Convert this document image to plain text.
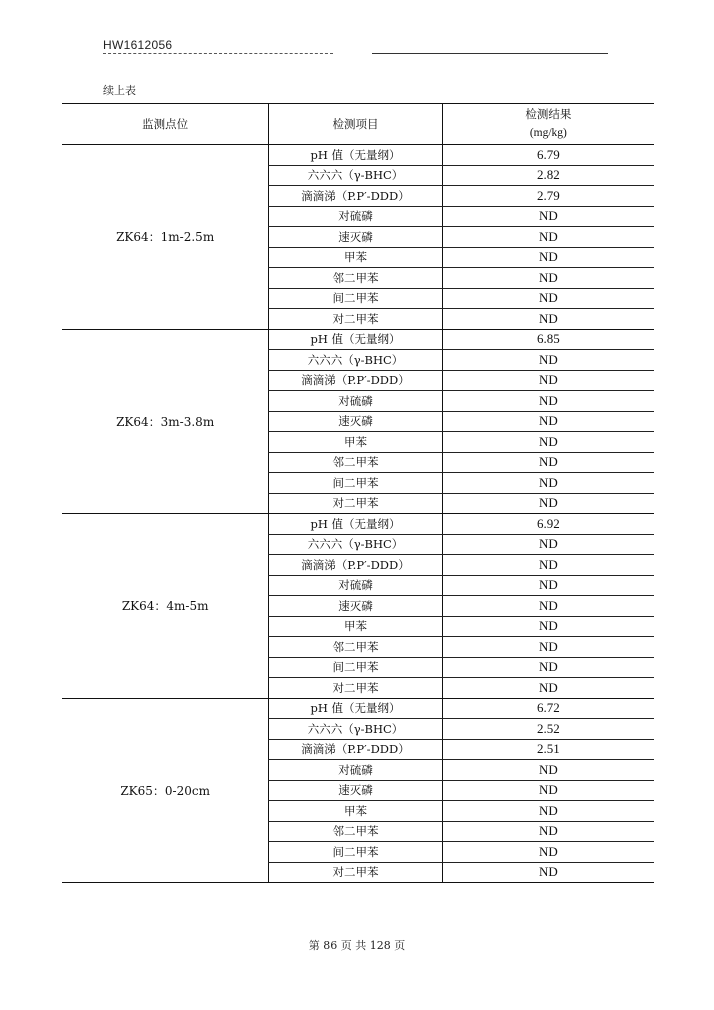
HW1612056
续上表
监测点位	检测项目	检测结果
(mg/kg)

ZK64：1m-2.5m	pH 值（无量纲）	6.79
	六六六（γ-BHC）	2.82
	滴滴涕（P.P′-DDD）	2.79
	对硫磷	ND
	速灭磷	ND
	甲苯	ND
	邻二甲苯	ND
	间二甲苯	ND
	对二甲苯	ND
ZK64：3m-3.8m	pH 值（无量纲）	6.85
	六六六（γ-BHC）	ND
	滴滴涕（P.P′-DDD）	ND
	对硫磷	ND
	速灭磷	ND
	甲苯	ND
	邻二甲苯	ND
	间二甲苯	ND
	对二甲苯	ND
ZK64：4m-5m	pH 值（无量纲）	6.92
	六六六（γ-BHC）	ND
	滴滴涕（P.P′-DDD）	ND
	对硫磷	ND
	速灭磷	ND
	甲苯	ND
	邻二甲苯	ND
	间二甲苯	ND
	对二甲苯	ND
ZK65：0-20cm	pH 值（无量纲）	6.72
	六六六（γ-BHC）	2.52
	滴滴涕（P.P′-DDD）	2.51
	对硫磷	ND
	速灭磷	ND
	甲苯	ND
	邻二甲苯	ND
	间二甲苯	ND
	对二甲苯	ND
第 86 页 共 128 页
